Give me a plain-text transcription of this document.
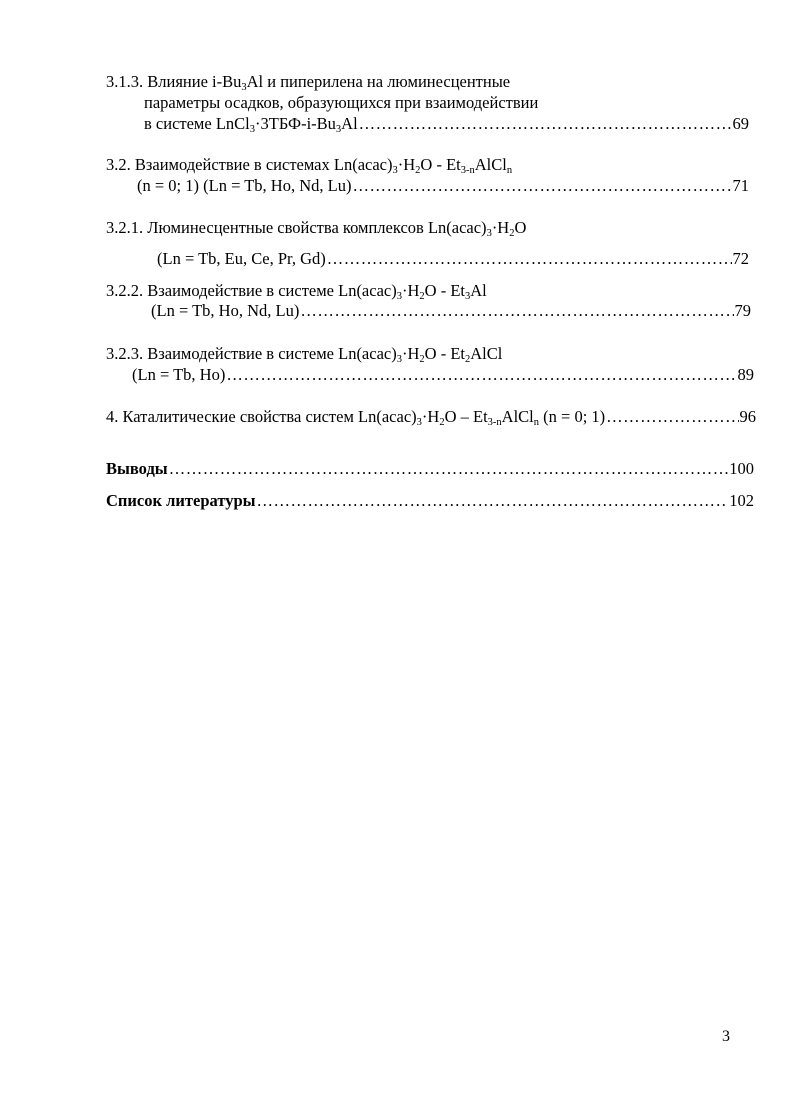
3.1.3. Влияние $i-Bu_3Al$ и пиперилена на люминесцентные
параметры осадков, образующихся при взаимодействии
в системе $LnCl_3\cdot 3ТБФ-i-Bu_3Al$ ………………………………………………………………………………………………………………………………………………………………………………………………………………………………………………………………………………………	69
3.2. Взаимодействие в системах $Ln(acac)_3\cdot H_2O$ - $Et_{3-n}AlCl_n$
(n = 0; 1) (Ln = Tb, Ho, Nd, Lu) ………………………………………………………………………………………………………………………………………………………………………………………………………………………………………………………………………………………	71
3.2.1. Люминесцентные свойства комплексов $Ln(acac)_3\cdot H_2O$
(Ln = Tb, Eu, Ce, Pr, Gd) ………………………………………………………………………………………………………………………………………………………………………………………………………………………………………………………………………………………	72
3.2.2. Взаимодействие в системе $Ln(acac)_3\cdot H_2O - Et_3Al$
(Ln = Tb, Ho, Nd, Lu) ………………………………………………………………………………………………………………………………………………………………………………………………………………………………………………………………………………………	79
3.2.3. Взаимодействие в системе $Ln(acac)_3\cdot H_2O$ - $Et_2AlCl$
(Ln = Tb, Ho) ………………………………………………………………………………………………………………………………………………………………………………………………………………………………………………………………………………………	89
4. Каталитические свойства систем $Ln(acac)_3\cdot H_2O$ – $Et_{3-n}AlCl_n$ (n = 0; 1) ………………………………………………………………………………………………………………………………………………………………………………………………………………………………………………………………………………………	96
Выводы ………………………………………………………………………………………………………………………………………………………………………………………………………………………………………………………………………………………	100
Список литературы ………………………………………………………………………………………………………………………………………………………………………………………………………………………………………………………………………………………	102
3
